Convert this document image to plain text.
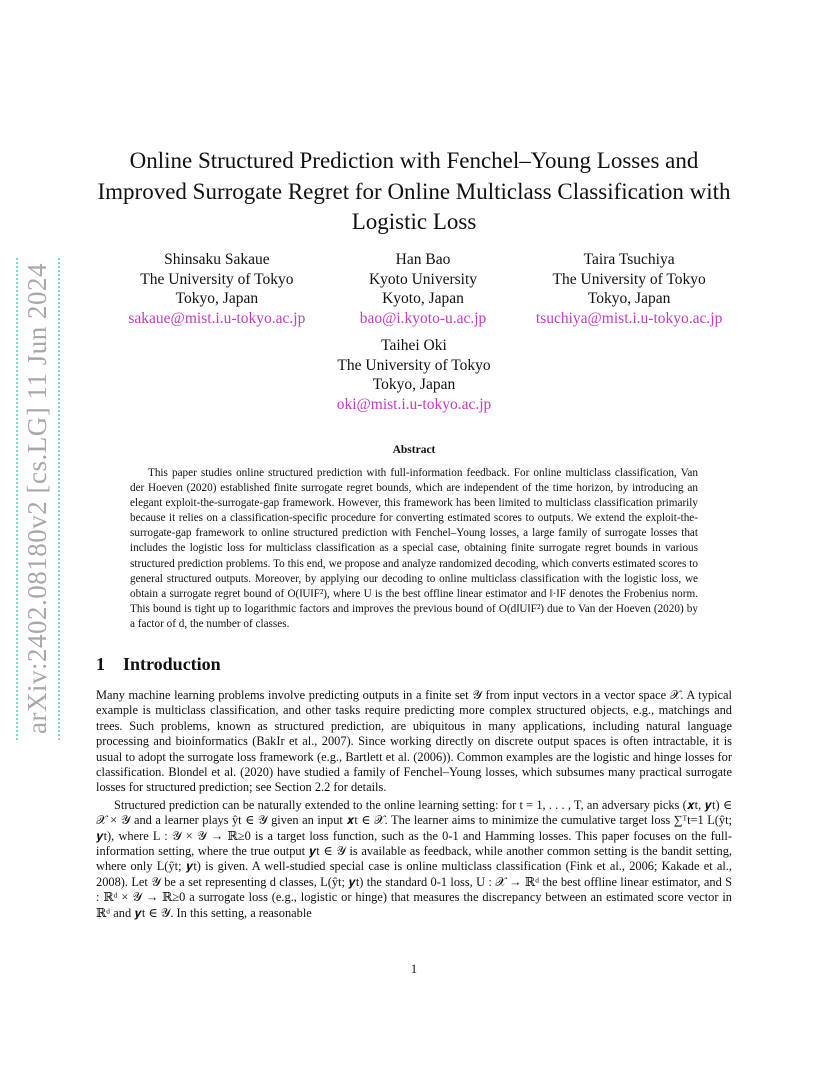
arXiv:2402.08180v2 [cs.LG] 11 Jun 2024
Online Structured Prediction with Fenchel–Young Losses and Improved Surrogate Regret for Online Multiclass Classification with Logistic Loss
Shinsaku Sakaue
The University of Tokyo
Tokyo, Japan
sakaue@mist.i.u-tokyo.ac.jp
Han Bao
Kyoto University
Kyoto, Japan
bao@i.kyoto-u.ac.jp
Taira Tsuchiya
The University of Tokyo
Tokyo, Japan
tsuchiya@mist.i.u-tokyo.ac.jp
Taihei Oki
The University of Tokyo
Tokyo, Japan
oki@mist.i.u-tokyo.ac.jp
Abstract

This paper studies online structured prediction with full-information feedback. For online multiclass classification, Van der Hoeven (2020) established finite surrogate regret bounds, which are independent of the time horizon, by introducing an elegant exploit-the-surrogate-gap framework. However, this framework has been limited to multiclass classification primarily because it relies on a classification-specific procedure for converting estimated scores to outputs. We extend the exploit-the-surrogate-gap framework to online structured prediction with Fenchel–Young losses, a large family of surrogate losses that includes the logistic loss for multiclass classification as a special case, obtaining finite surrogate regret bounds in various structured prediction problems. To this end, we propose and analyze randomized decoding, which converts estimated scores to general structured outputs. Moreover, by applying our decoding to online multiclass classification with the logistic loss, we obtain a surrogate regret bound of O(‖U‖F²), where U is the best offline linear estimator and ‖·‖F denotes the Frobenius norm. This bound is tight up to logarithmic factors and improves the previous bound of O(d‖U‖F²) due to Van der Hoeven (2020) by a factor of d, the number of classes.

1 Introduction

Many machine learning problems involve predicting outputs in a finite set 𝒴 from input vectors in a vector space 𝒳. A typical example is multiclass classification, and other tasks require predicting more complex structured objects, e.g., matchings and trees. Such problems, known as structured prediction, are ubiquitous in many applications, including natural language processing and bioinformatics (BakIr et al., 2007). Since working directly on discrete output spaces is often intractable, it is usual to adopt the surrogate loss framework (e.g., Bartlett et al. (2006)). Common examples are the logistic and hinge losses for classification. Blondel et al. (2020) have studied a family of Fenchel–Young losses, which subsumes many practical surrogate losses for structured prediction; see Section 2.2 for details.

Structured prediction can be naturally extended to the online learning setting: for t = 1, . . . , T, an adversary picks (𝒙t, 𝒚t) ∈ 𝒳 × 𝒴 and a learner plays ŷt ∈ 𝒴 given an input 𝒙t ∈ 𝒳. The learner aims to minimize the cumulative target loss ∑ᵀt=1 L(ŷt; 𝒚t), where L : 𝒴 × 𝒴 → ℝ≥0 is a target loss function, such as the 0-1 and Hamming losses. This paper focuses on the full-information setting, where the true output 𝒚t ∈ 𝒴 is available as feedback, while another common setting is the bandit setting, where only L(ŷt; 𝒚t) is given. A well-studied special case is online multiclass classification (Fink et al., 2006; Kakade et al., 2008). Let 𝒴 be a set representing d classes, L(ŷt; 𝒚t) the standard 0-1 loss, U : 𝒳 → ℝᵈ the best offline linear estimator, and S : ℝᵈ × 𝒴 → ℝ≥0 a surrogate loss (e.g., logistic or hinge) that measures the discrepancy between an estimated score vector in ℝᵈ and 𝒚t ∈ 𝒴. In this setting, a reasonable

1
